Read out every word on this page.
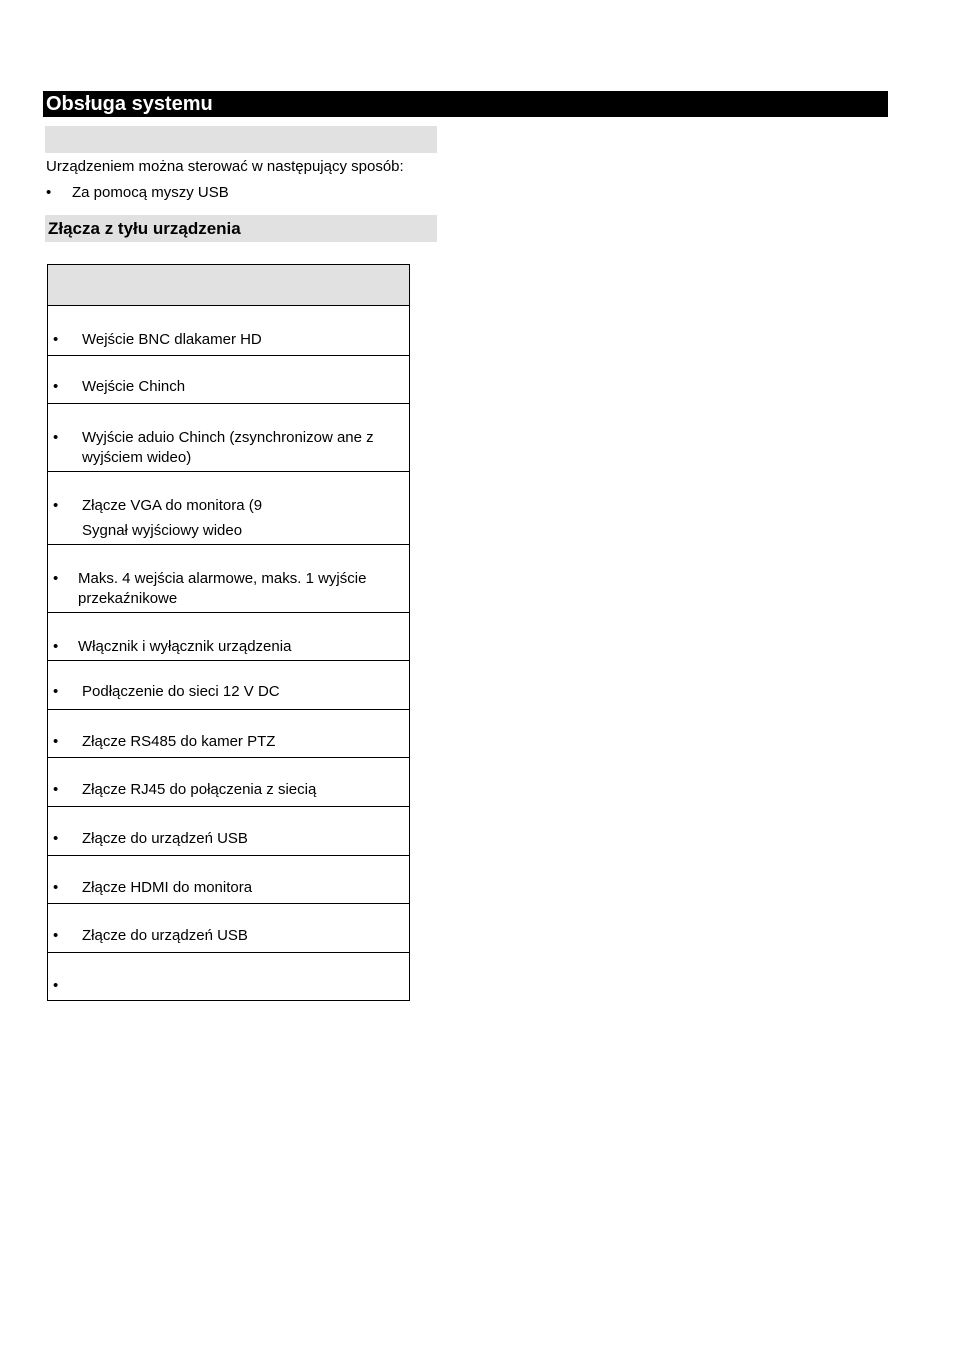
Obsługa systemu
Urządzeniem można sterować w następujący sposób:
• Za pomocą myszy USB
Złącza z tyłu urządzenia
• Wejście BNC dlakamer HD
• Wejście Chinch
• Wyjście aduio Chinch (zsynchronizow ane z
wyjściem wideo)
• Złącze VGA do monitora (9
Sygnał wyjściowy wideo
• Maks. 4 wejścia alarmowe, maks. 1 wyjście
przekaźnikowe
• Włącznik i wyłącznik urządzenia
• Podłączenie do sieci 12 V DC
• Złącze RS485 do kamer PTZ
• Złącze RJ45 do połączenia z siecią
• Złącze do urządzeń USB
• Złącze HDMI do monitora
• Złącze do urządzeń USB
•
